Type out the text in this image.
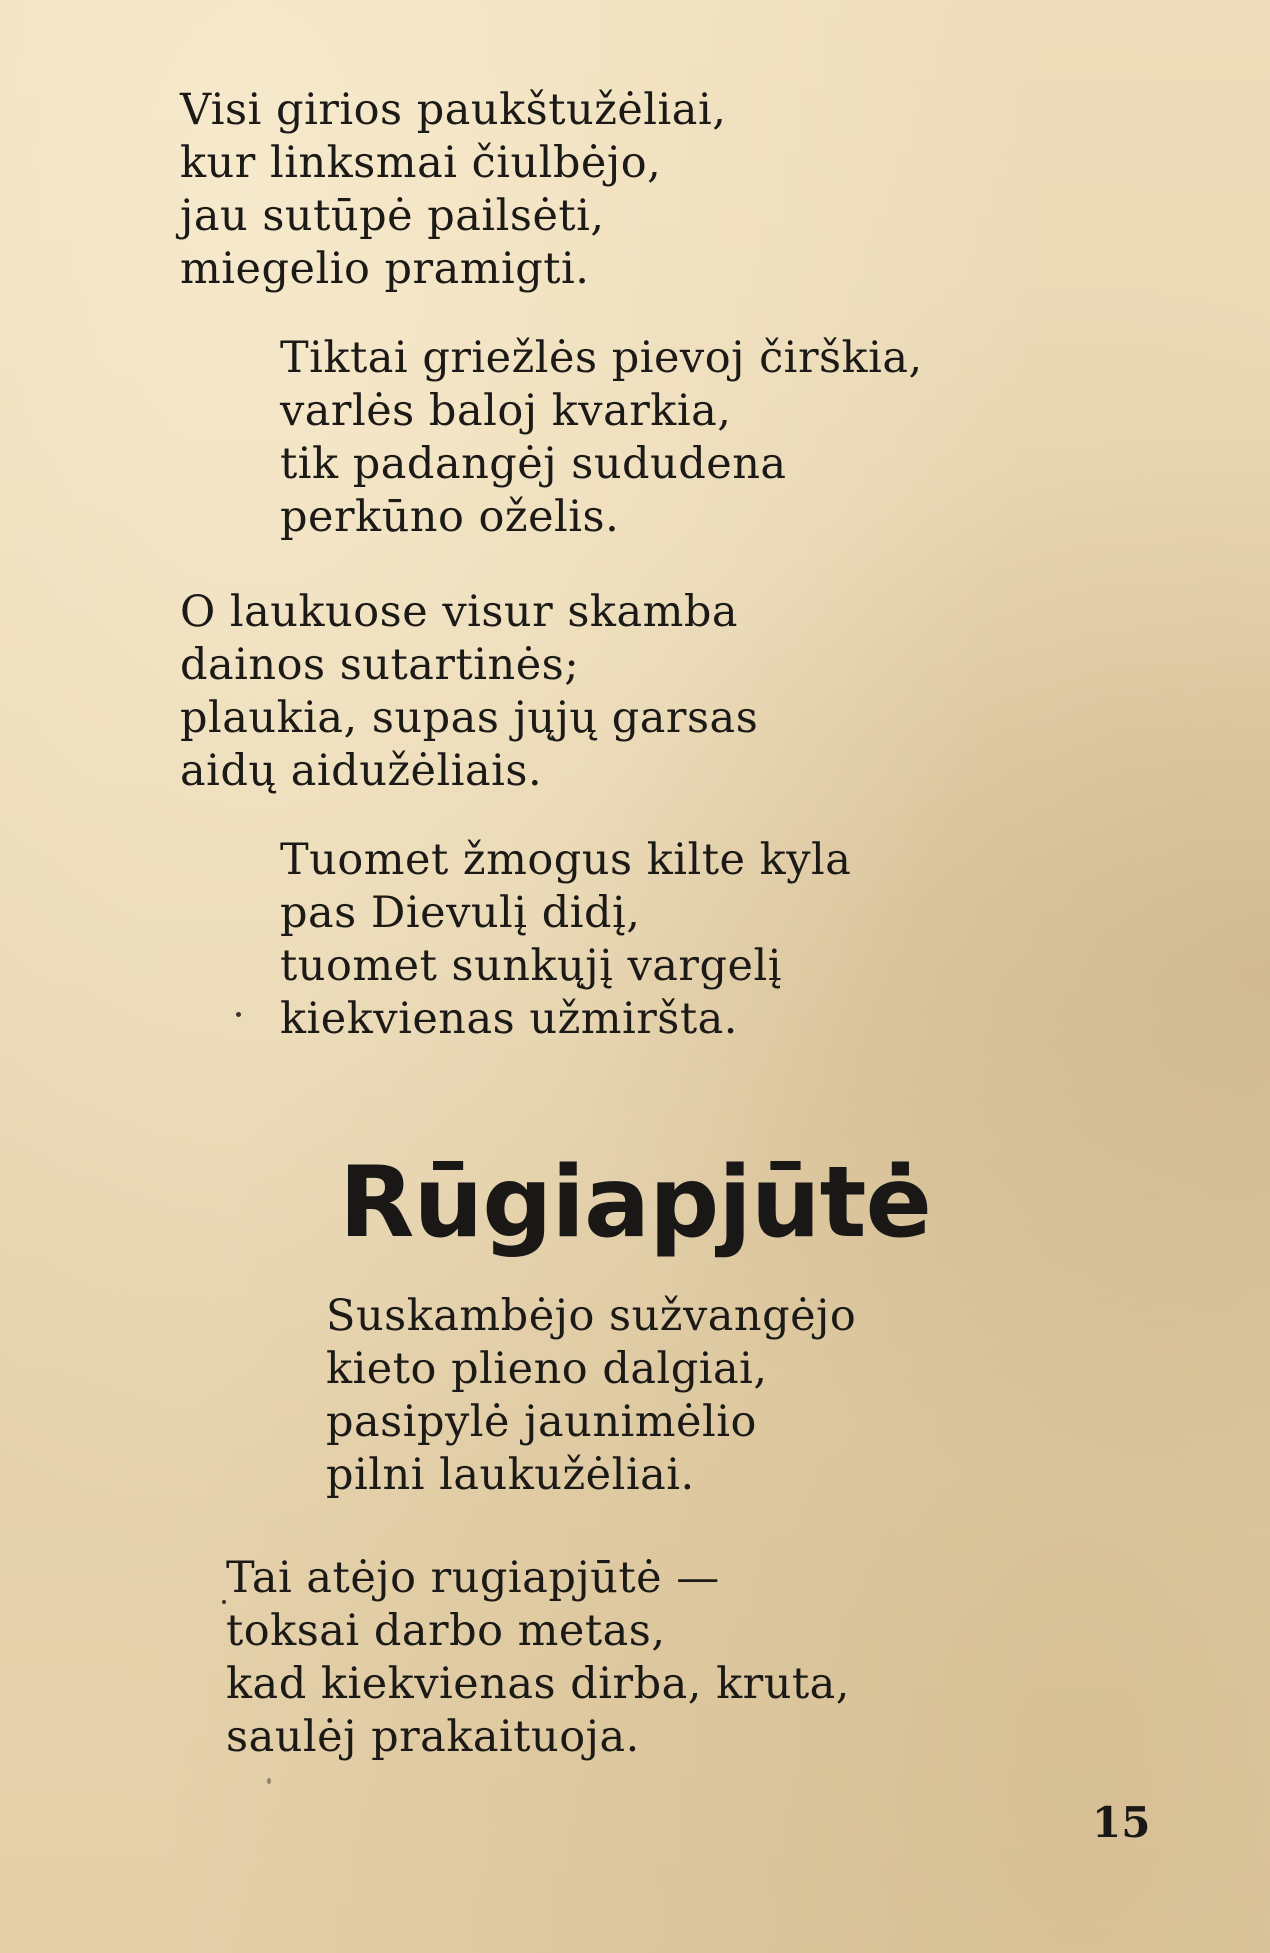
Visi girios paukštužėliai,
kur linksmai čiulbėjo,
jau sutūpė pailsėti,
miegelio pramigti.
Tiktai griežlės pievoj čirškia,
varlės baloj kvarkia,
tik padangėj sududena
perkūno oželis.
O laukuose visur skamba
dainos sutartinės;
plaukia, supas jųjų garsas
aidų aidužėliais.
Tuomet žmogus kilte kyla
pas Dievulį didį,
tuomet sunkųjį vargelį
kiekvienas užmiršta.
Rūgiapjūtė
Suskambėjo sužvangėjo
kieto plieno dalgiai,
pasipylė jaunimėlio
pilni laukužėliai.
Tai atėjo rugiapjūtė —
toksai darbo metas,
kad kiekvienas dirba, kruta,
saulėj prakaituoja.
15
